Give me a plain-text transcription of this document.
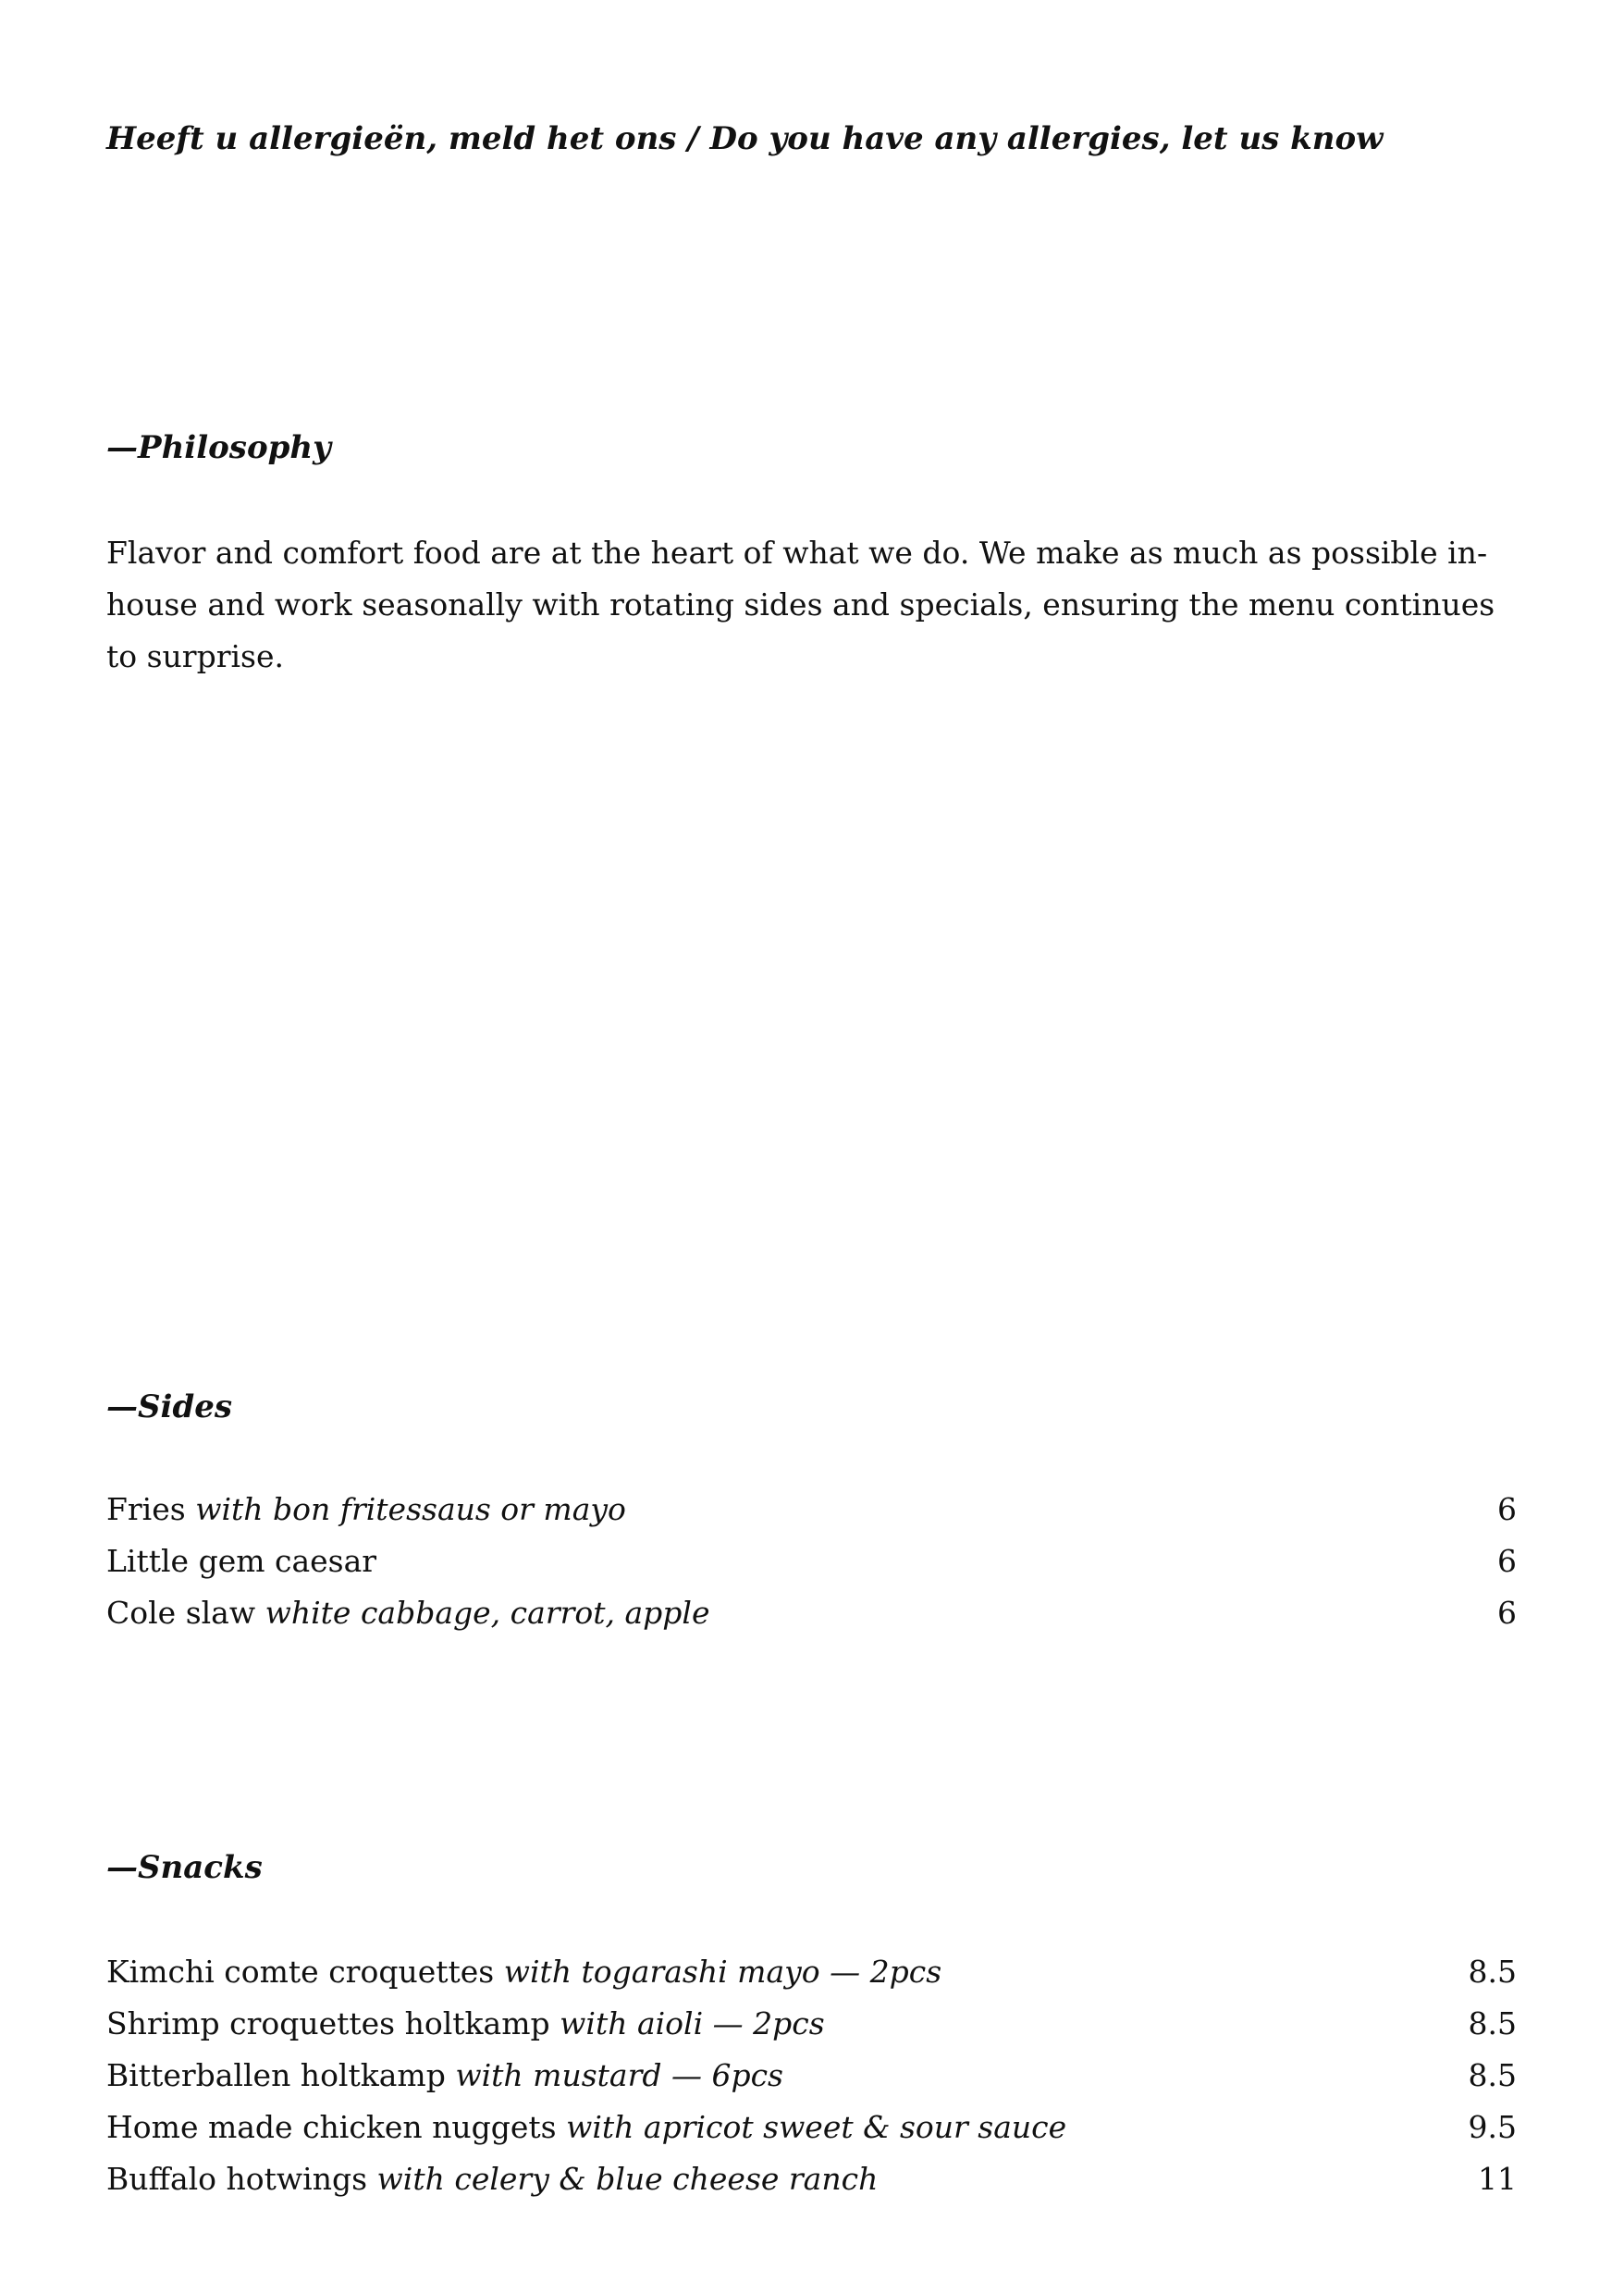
Heeft u allergieën, meld het ons / Do you have any allergies, let us know
—Philosophy
Flavor and comfort food are at the heart of what we do. We make as much as possible in-house and work seasonally with rotating sides and specials, ensuring the menu continues to surprise.
—Sides
Fries with bon fritessaus or mayo	6
Little gem caesar	6
Cole slaw white cabbage, carrot, apple	6
—Snacks
Kimchi comte croquettes with togarashi mayo — 2pcs	8.5
Shrimp croquettes holtkamp with aioli — 2pcs	8.5
Bitterballen holtkamp with mustard — 6pcs	8.5
Home made chicken nuggets with apricot sweet & sour sauce	9.5
Buffalo hotwings with celery & blue cheese ranch	11
